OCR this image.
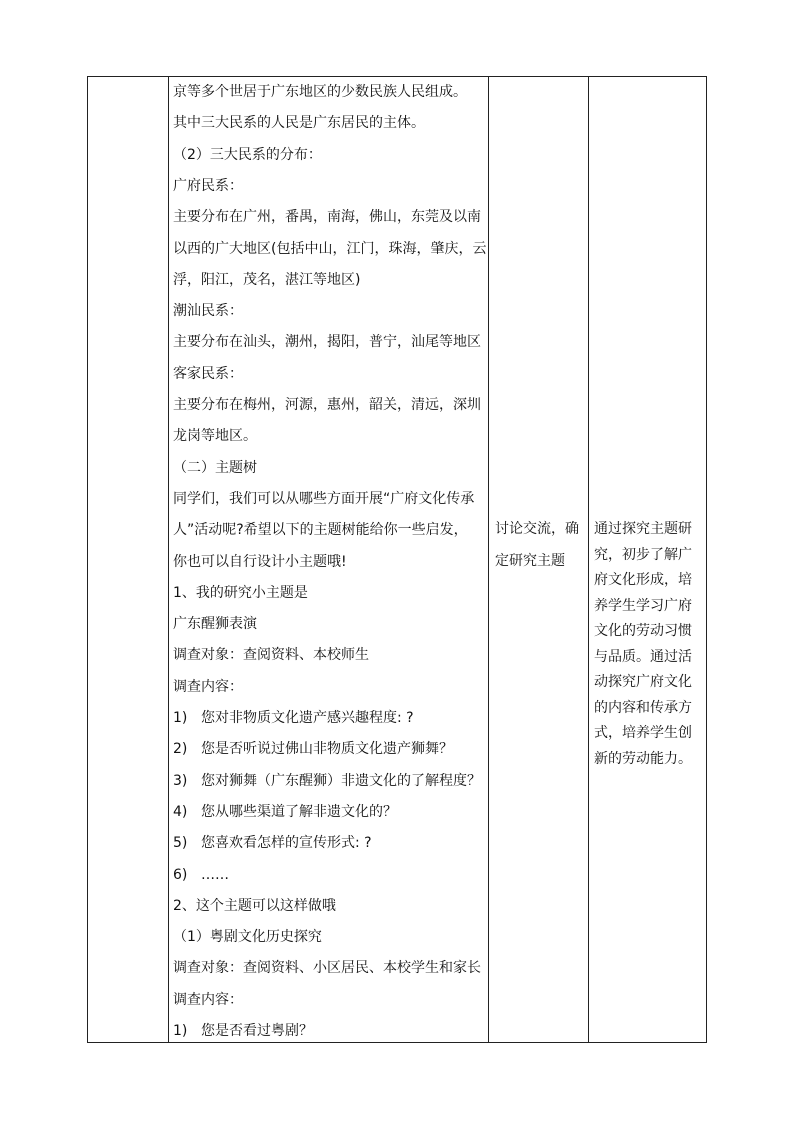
京等多个世居于广东地区的少数民族人民组成。
其中三大民系的人民是广东居民的主体。
（2）三大民系的分布：
广府民系：
主要分布在广州，番禺，南海，佛山，东莞及以南
以西的广大地区(包括中山，江门，珠海，肇庆，云
浮，阳江，茂名，湛江等地区)
潮汕民系：
主要分布在汕头，潮州，揭阳，普宁，汕尾等地区
客家民系：
主要分布在梅州，河源，惠州，韶关，清远，深圳
龙岗等地区。
（二）主题树
同学们，我们可以从哪些方面开展“广府文化传承
人”活动呢?希望以下的主题树能给你一些启发，
你也可以自行设计小主题哦!
1、我的研究小主题是
广东醒狮表演
调查对象：查阅资料、本校师生
调查内容：
1) 您对非物质文化遗产感兴趣程度: ?
2) 您是否听说过佛山非物质文化遗产狮舞？
3) 您对狮舞（广东醒狮）非遗文化的了解程度？
4) 您从哪些渠道了解非遗文化的？
5) 您喜欢看怎样的宣传形式: ?
6) ……
2、这个主题可以这样做哦
（1）粤剧文化历史探究
调查对象：查阅资料、小区居民、本校学生和家长
调查内容：
1) 您是否看过粤剧？
讨论交流，确
定研究主题
通过探究主题研
究，初步了解广
府文化形成，培
养学生学习广府
文化的劳动习惯
与品质。通过活
动探究广府文化
的内容和传承方
式，培养学生创
新的劳动能力。
